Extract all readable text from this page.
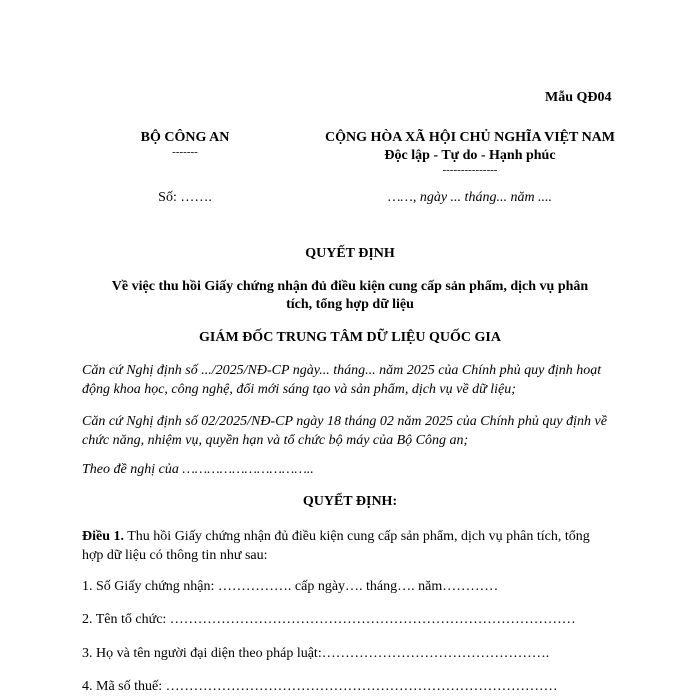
Mẫu QĐ04
BỘ CÔNG AN
-------
CỘNG HÒA XÃ HỘI CHỦ NGHĨA VIỆT NAM
Độc lập - Tự do - Hạnh phúc
---------------
Số: …….	……, ngày ... tháng... năm ....
QUYẾT ĐỊNH
Về việc thu hồi Giấy chứng nhận đủ điều kiện cung cấp sản phẩm, dịch vụ phân
tích, tổng hợp dữ liệu
GIÁM ĐỐC TRUNG TÂM DỮ LIỆU QUỐC GIA
Căn cứ Nghị định số .../2025/NĐ-CP ngày... tháng... năm 2025 của Chính phủ quy định hoạt động khoa học, công nghệ, đổi mới sáng tạo và sản phẩm, dịch vụ về dữ liệu;
Căn cứ Nghị định số 02/2025/NĐ-CP ngày 18 tháng 02 năm 2025 của Chính phủ quy định về chức năng, nhiệm vụ, quyền hạn và tổ chức bộ máy của Bộ Công an;
Theo đề nghị của …………………………..
QUYẾT ĐỊNH:
Điều 1. Thu hồi Giấy chứng nhận đủ điều kiện cung cấp sản phẩm, dịch vụ phân tích, tổng hợp dữ liệu có thông tin như sau:
1. Số Giấy chứng nhận: ……………. cấp ngày…. tháng…. năm…………
2. Tên tổ chức: ……………………………………………………………………………
3. Họ và tên người đại diện theo pháp luật:………………………………………….
4. Mã số thuế: …………………………………………………………………………
